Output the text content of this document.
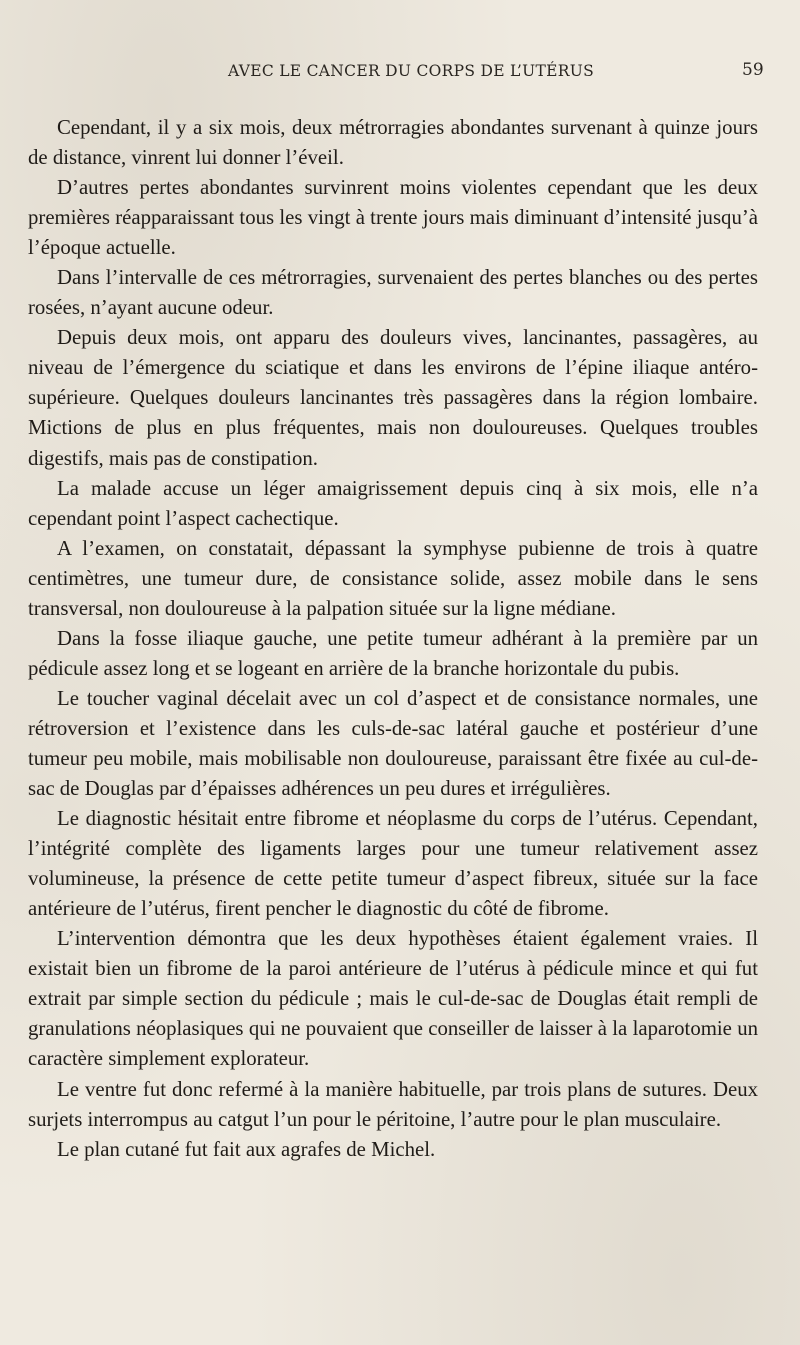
AVEC LE CANCER DU CORPS DE L’UTÉRUS	59

Cependant, il y a six mois, deux métrorragies abondantes survenant à quinze jours de distance, vinrent lui donner l’éveil.

D’autres pertes abondantes survinrent moins violentes cependant que les deux premières réapparaissant tous les vingt à trente jours mais diminuant d’intensité jusqu’à l’époque actuelle.

Dans l’intervalle de ces métrorragies, survenaient des pertes blanches ou des pertes rosées, n’ayant aucune odeur.

Depuis deux mois, ont apparu des douleurs vives, lancinantes, passagères, au niveau de l’émergence du sciatique et dans les environs de l’épine iliaque antéro-supérieure. Quelques douleurs lancinantes très passagères dans la région lombaire. Mictions de plus en plus fréquentes, mais non douloureuses. Quelques troubles digestifs, mais pas de constipation.

La malade accuse un léger amaigrissement depuis cinq à six mois, elle n’a cependant point l’aspect cachectique.

A l’examen, on constatait, dépassant la symphyse pubienne de trois à quatre centimètres, une tumeur dure, de consistance solide, assez mobile dans le sens transversal, non douloureuse à la palpation située sur la ligne médiane.

Dans la fosse iliaque gauche, une petite tumeur adhérant à la première par un pédicule assez long et se logeant en arrière de la branche horizontale du pubis.

Le toucher vaginal décelait avec un col d’aspect et de consistance normales, une rétroversion et l’existence dans les culs-de-sac latéral gauche et postérieur d’une tumeur peu mobile, mais mobilisable non douloureuse, paraissant être fixée au cul-de-sac de Douglas par d’épaisses adhérences un peu dures et irrégulières.

Le diagnostic hésitait entre fibrome et néoplasme du corps de l’utérus. Cependant, l’intégrité complète des ligaments larges pour une tumeur relativement assez volumineuse, la présence de cette petite tumeur d’aspect fibreux, située sur la face antérieure de l’utérus, firent pencher le diagnostic du côté de fibrome.

L’intervention démontra que les deux hypothèses étaient également vraies. Il existait bien un fibrome de la paroi antérieure de l’utérus à pédicule mince et qui fut extrait par simple section du pédicule ; mais le cul-de-sac de Douglas était rempli de granulations néoplasiques qui ne pouvaient que conseiller de laisser à la laparotomie un caractère simplement explorateur.

Le ventre fut donc refermé à la manière habituelle, par trois plans de sutures. Deux surjets interrompus au catgut l’un pour le péritoine, l’autre pour le plan musculaire.

Le plan cutané fut fait aux agrafes de Michel.
